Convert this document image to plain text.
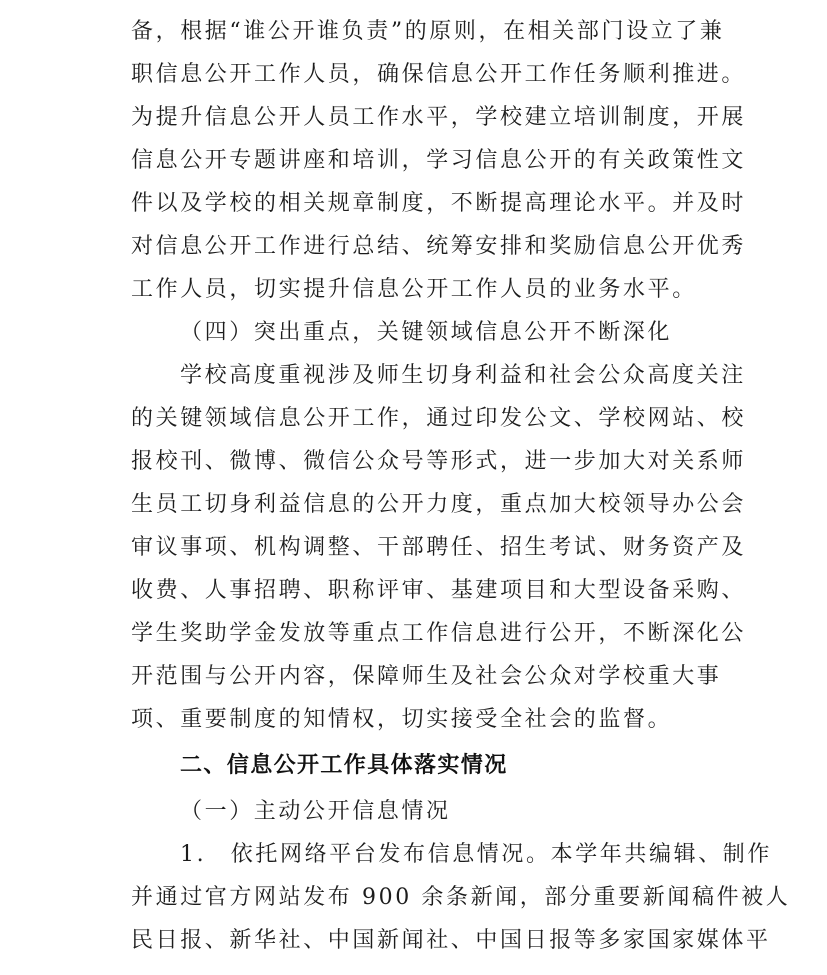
备，根据“谁公开谁负责”的原则，在相关部门设立了兼
职信息公开工作人员，确保信息公开工作任务顺利推进。
为提升信息公开人员工作水平，学校建立培训制度，开展
信息公开专题讲座和培训，学习信息公开的有关政策性文
件以及学校的相关规章制度，不断提高理论水平。并及时
对信息公开工作进行总结、统筹安排和奖励信息公开优秀
工作人员，切实提升信息公开工作人员的业务水平。
（四）突出重点，关键领域信息公开不断深化
学校高度重视涉及师生切身利益和社会公众高度关注
的关键领域信息公开工作，通过印发公文、学校网站、校
报校刊、微博、微信公众号等形式，进一步加大对关系师
生员工切身利益信息的公开力度，重点加大校领导办公会
审议事项、机构调整、干部聘任、招生考试、财务资产及
收费、人事招聘、职称评审、基建项目和大型设备采购、
学生奖助学金发放等重点工作信息进行公开，不断深化公
开范围与公开内容，保障师生及社会公众对学校重大事
项、重要制度的知情权，切实接受全社会的监督。
二、信息公开工作具体落实情况
（一）主动公开信息情况
1.　依托网络平台发布信息情况。本学年共编辑、制作
并通过官方网站发布 900 余条新闻，部分重要新闻稿件被人
民日报、新华社、中国新闻社、中国日报等多家国家媒体平
